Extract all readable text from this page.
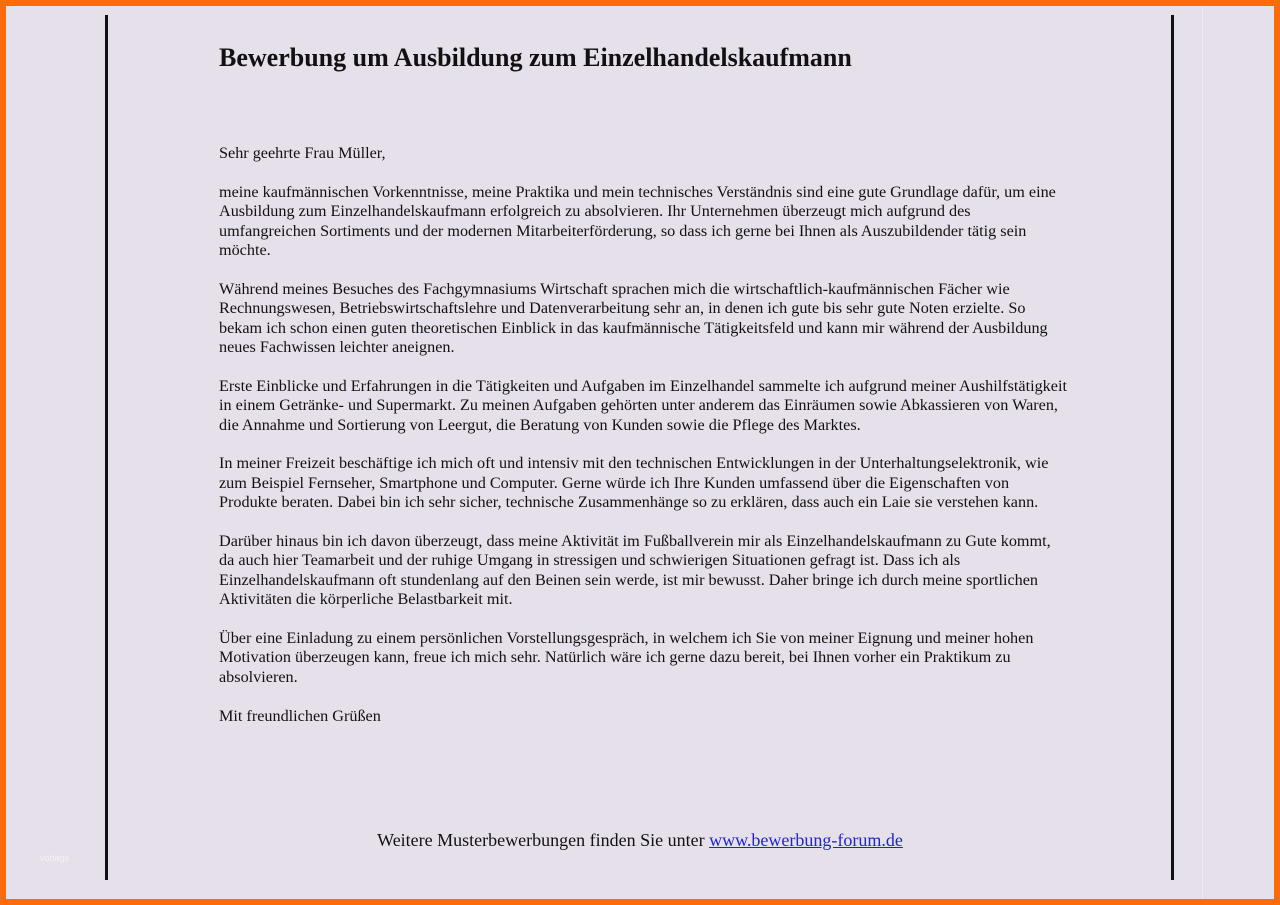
Bewerbung um Ausbildung zum Einzelhandelskaufmann

Sehr geehrte Frau Müller,

meine kaufmännischen Vorkenntnisse, meine Praktika und mein technisches Verständnis sind eine gute Grundlage dafür, um eine Ausbildung zum Einzelhandelskaufmann erfolgreich zu absolvieren. Ihr Unternehmen überzeugt mich aufgrund des umfangreichen Sortiments und der modernen Mitarbeiterförderung, so dass ich gerne bei Ihnen als Auszubildender tätig sein möchte.

Während meines Besuches des Fachgymnasiums Wirtschaft sprachen mich die wirtschaftlich-kaufmännischen Fächer wie Rechnungswesen, Betriebswirtschaftslehre und Datenverarbeitung sehr an, in denen ich gute bis sehr gute Noten erzielte. So bekam ich schon einen guten theoretischen Einblick in das kaufmännische Tätigkeitsfeld und kann mir während der Ausbildung neues Fachwissen leichter aneignen.

Erste Einblicke und Erfahrungen in die Tätigkeiten und Aufgaben im Einzelhandel sammelte ich aufgrund meiner Aushilfstätigkeit in einem Getränke- und Supermarkt. Zu meinen Aufgaben gehörten unter anderem das Einräumen sowie Abkassieren von Waren, die Annahme und Sortierung von Leergut, die Beratung von Kunden sowie die Pflege des Marktes.

In meiner Freizeit beschäftige ich mich oft und intensiv mit den technischen Entwicklungen in der Unterhaltungselektronik, wie zum Beispiel Fernseher, Smartphone und Computer. Gerne würde ich Ihre Kunden umfassend über die Eigenschaften von Produkte beraten. Dabei bin ich sehr sicher, technische Zusammenhänge so zu erklären, dass auch ein Laie sie verstehen kann.

Darüber hinaus bin ich davon überzeugt, dass meine Aktivität im Fußballverein mir als Einzelhandelskaufmann zu Gute kommt, da auch hier Teamarbeit und der ruhige Umgang in stressigen und schwierigen Situationen gefragt ist. Dass ich als Einzelhandelskaufmann oft stundenlang auf den Beinen sein werde, ist mir bewusst. Daher bringe ich durch meine sportlichen Aktivitäten die körperliche Belastbarkeit mit.

Über eine Einladung zu einem persönlichen Vorstellungsgespräch, in welchem ich Sie von meiner Eignung und meiner hohen Motivation überzeugen kann, freue ich mich sehr. Natürlich wäre ich gerne dazu bereit, bei Ihnen vorher ein Praktikum zu absolvieren.

Mit freundlichen Grüßen

Weitere Musterbewerbungen finden Sie unter www.bewerbung-forum.de
vorlage
